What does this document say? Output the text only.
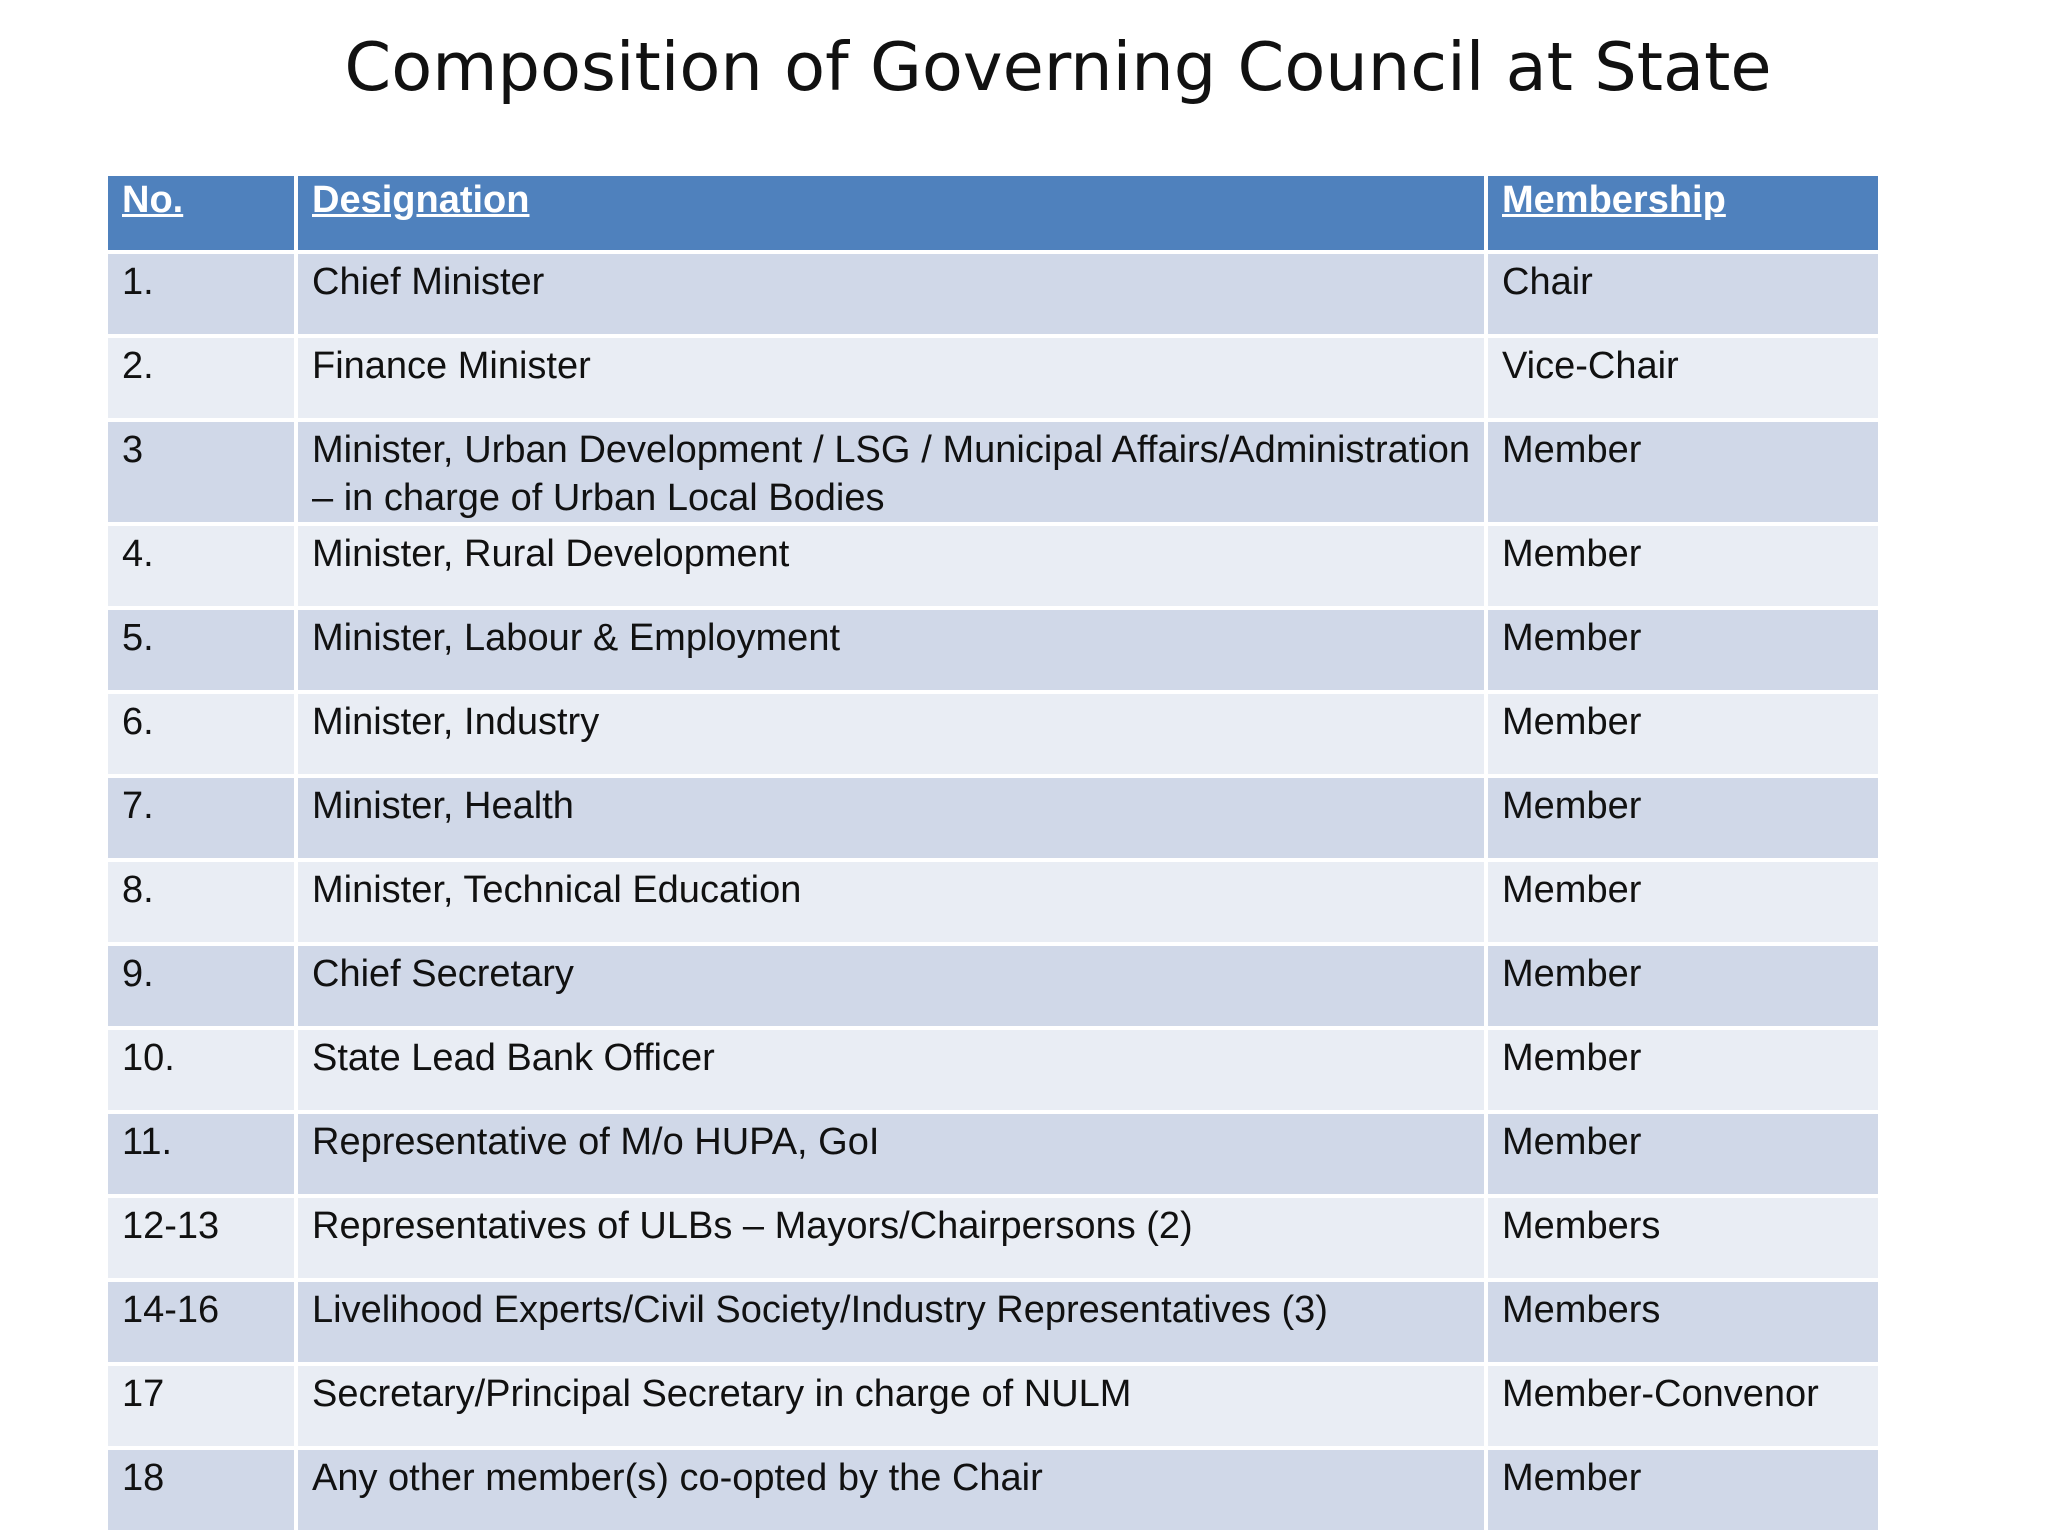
Composition of Governing Council at State
No.	Designation	Membership
1.	Chief Minister	Chair
2.	Finance Minister	Vice-Chair
3	Minister, Urban Development / LSG / Municipal Affairs/Administration – in charge of Urban Local Bodies	Member
4.	Minister, Rural Development	Member
5.	Minister, Labour & Employment	Member
6.	Minister, Industry	Member
7.	Minister, Health	Member
8.	Minister, Technical Education	Member
9.	Chief Secretary	Member
10.	State Lead Bank Officer	Member
11.	Representative of M/o HUPA, GoI	Member
12-13	Representatives of ULBs – Mayors/Chairpersons (2)	Members
14-16	Livelihood Experts/Civil Society/Industry Representatives (3)	Members
17	Secretary/Principal Secretary in charge of NULM	Member-Convenor
18	Any other member(s) co-opted by the Chair	Member
